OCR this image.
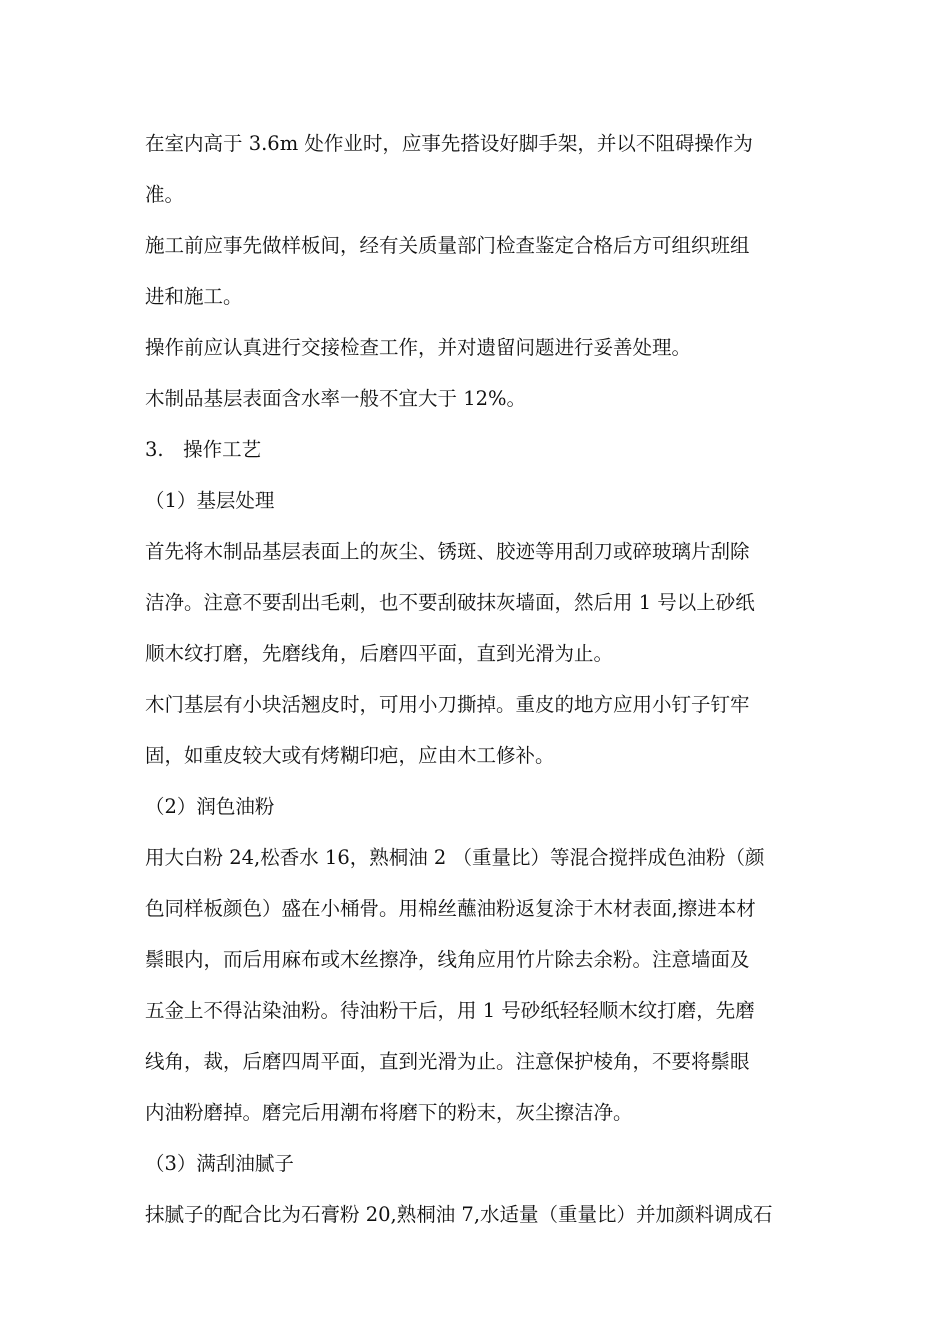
在室内高于 3.6m 处作业时，应事先搭设好脚手架，并以不阻碍操作为
准。
施工前应事先做样板间，经有关质量部门检查鉴定合格后方可组织班组
进和施工。
操作前应认真进行交接检查工作，并对遗留问题进行妥善处理。
木制品基层表面含水率一般不宜大于 12%。
3.　操作工艺
（1）基层处理
首先将木制品基层表面上的灰尘、锈斑、胶迹等用刮刀或碎玻璃片刮除
洁净。注意不要刮出毛刺，也不要刮破抹灰墙面，然后用 1 号以上砂纸
顺木纹打磨，先磨线角，后磨四平面，直到光滑为止。
木门基层有小块活翘皮时，可用小刀撕掉。重皮的地方应用小钉子钉牢
固，如重皮较大或有烤糊印疤，应由木工修补。
（2）润色油粉
用大白粉 24,松香水 16，熟桐油 2 （重量比）等混合搅拌成色油粉（颜
色同样板颜色）盛在小桶骨。用棉丝蘸油粉返复涂于木材表面,擦进本材
鬃眼内，而后用麻布或木丝擦净，线角应用竹片除去余粉。注意墙面及
五金上不得沾染油粉。待油粉干后，用 1 号砂纸轻轻顺木纹打磨，先磨
线角，裁，后磨四周平面，直到光滑为止。注意保护棱角，不要将鬃眼
内油粉磨掉。磨完后用潮布将磨下的粉末，灰尘擦洁净。
（3）满刮油腻子
抹腻子的配合比为石膏粉 20,熟桐油 7,水适量（重量比）并加颜料调成石
